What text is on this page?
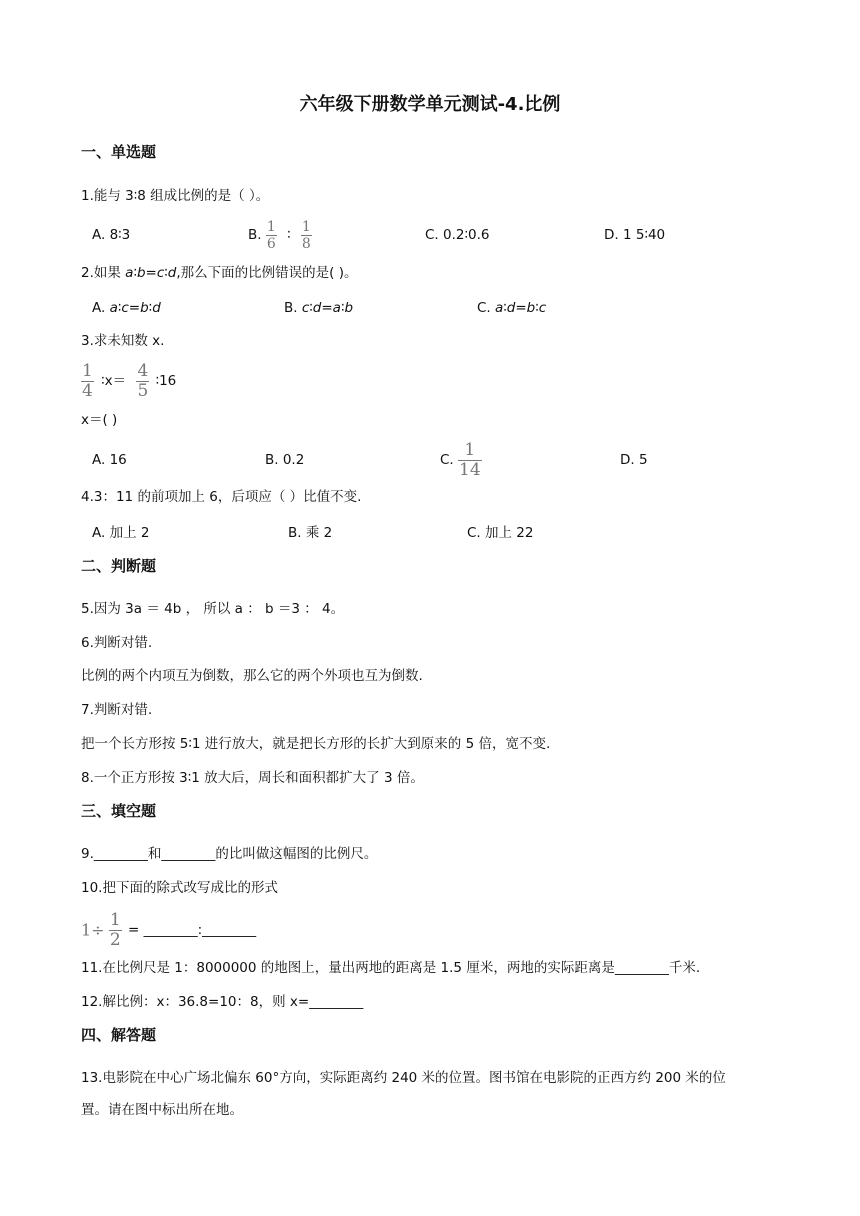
六年级下册数学单元测试-4.比例
一、单选题
1.能与 3∶8 组成比例的是（ ）。
A. 8∶3	B. $\frac{1}{6}$ ∶ $\frac{1}{8}$	C. 0.2∶0.6	D. 1 5∶40
2.如果 a∶b=c∶d,那么下面的比例错误的是( )。
A. a∶c=b∶d	B. c∶d=a∶b	C. a∶d=b∶c
3.求未知数 x.
$\frac{1}{4}$ ∶x＝ $\frac{4}{5}$ ∶16
x＝( )
A. 16	B. 0.2	C. $\frac{1}{14}$	D. 5
4.3：11 的前项加上 6，后项应（ ）比值不变.
A. 加上 2	B. 乘 2	C. 加上 22
二、判断题
5.因为 3a ＝ 4b ， 所以 a ： b ＝3 ： 4。
6.判断对错.
比例的两个内项互为倒数，那么它的两个外项也互为倒数.
7.判断对错.
把一个长方形按 5∶1 进行放大，就是把长方形的长扩大到原来的 5 倍，宽不变.
8.一个正方形按 3∶1 放大后，周长和面积都扩大了 3 倍。
三、填空题
9.________和________的比叫做这幅图的比例尺。
10.把下面的除式改写成比的形式
$1\div \frac{1}{2}$ = ________:________
11.在比例尺是 1：8000000 的地图上，量出两地的距离是 1.5 厘米，两地的实际距离是________千米.
12.解比例：x：36.8=10：8，则 x=________
四、解答题
13.电影院在中心广场北偏东 60°方向，实际距离约 240 米的位置。图书馆在电影院的正西方约 200 米的位
置。请在图中标出所在地。
